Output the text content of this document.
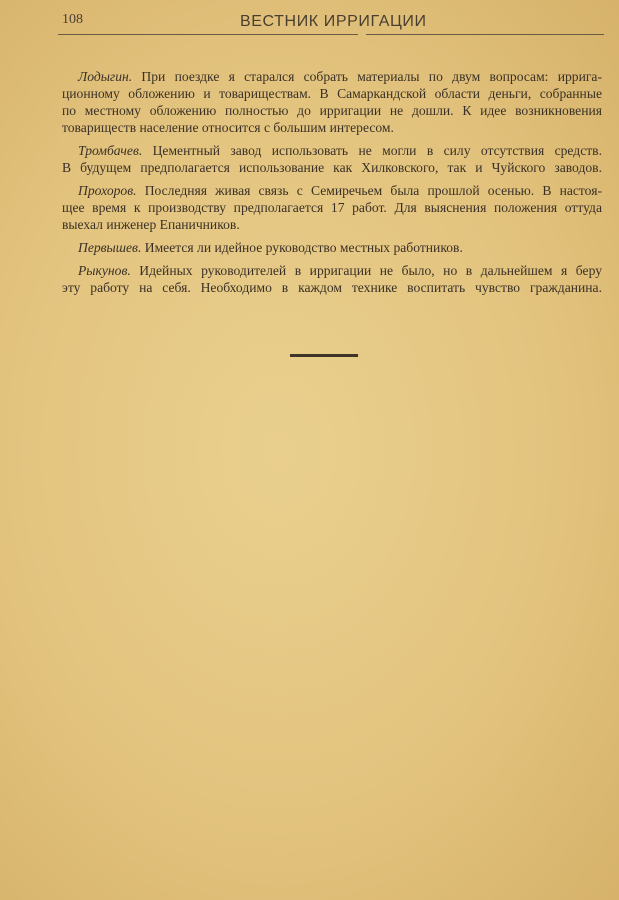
108	ВЕСТНИК ИРРИГАЦИИ
Лодыгин. При поездке я старался собрать материалы по двум вопросам: ирригa-
ционному обложению и товариществам. В Самаркандской области деньги, собранные
по местному обложению полностью до ирригации не дошли. К идее возникновения
товариществ население относится с большим интересом.
Тромбачев. Цементный завод использовать не могли в силу отсутствия средств.
В будущем предполагается использование как Хилковского, так и Чуйского заводов.
Прохоров. Последняя живая связь с Семиречьем была прошлой осенью. В настоя-
щее время к производству предполагается 17 работ. Для выяснения положения оттуда
выехал инженер Епаничников.
Первышев. Имеется ли идейное руководство местных работников.
Рыкунов. Идейных руководителей в ирригации не было, но в дальнейшем я беру
эту работу на себя. Необходимо в каждом технике воспитать чувство гражданина.
